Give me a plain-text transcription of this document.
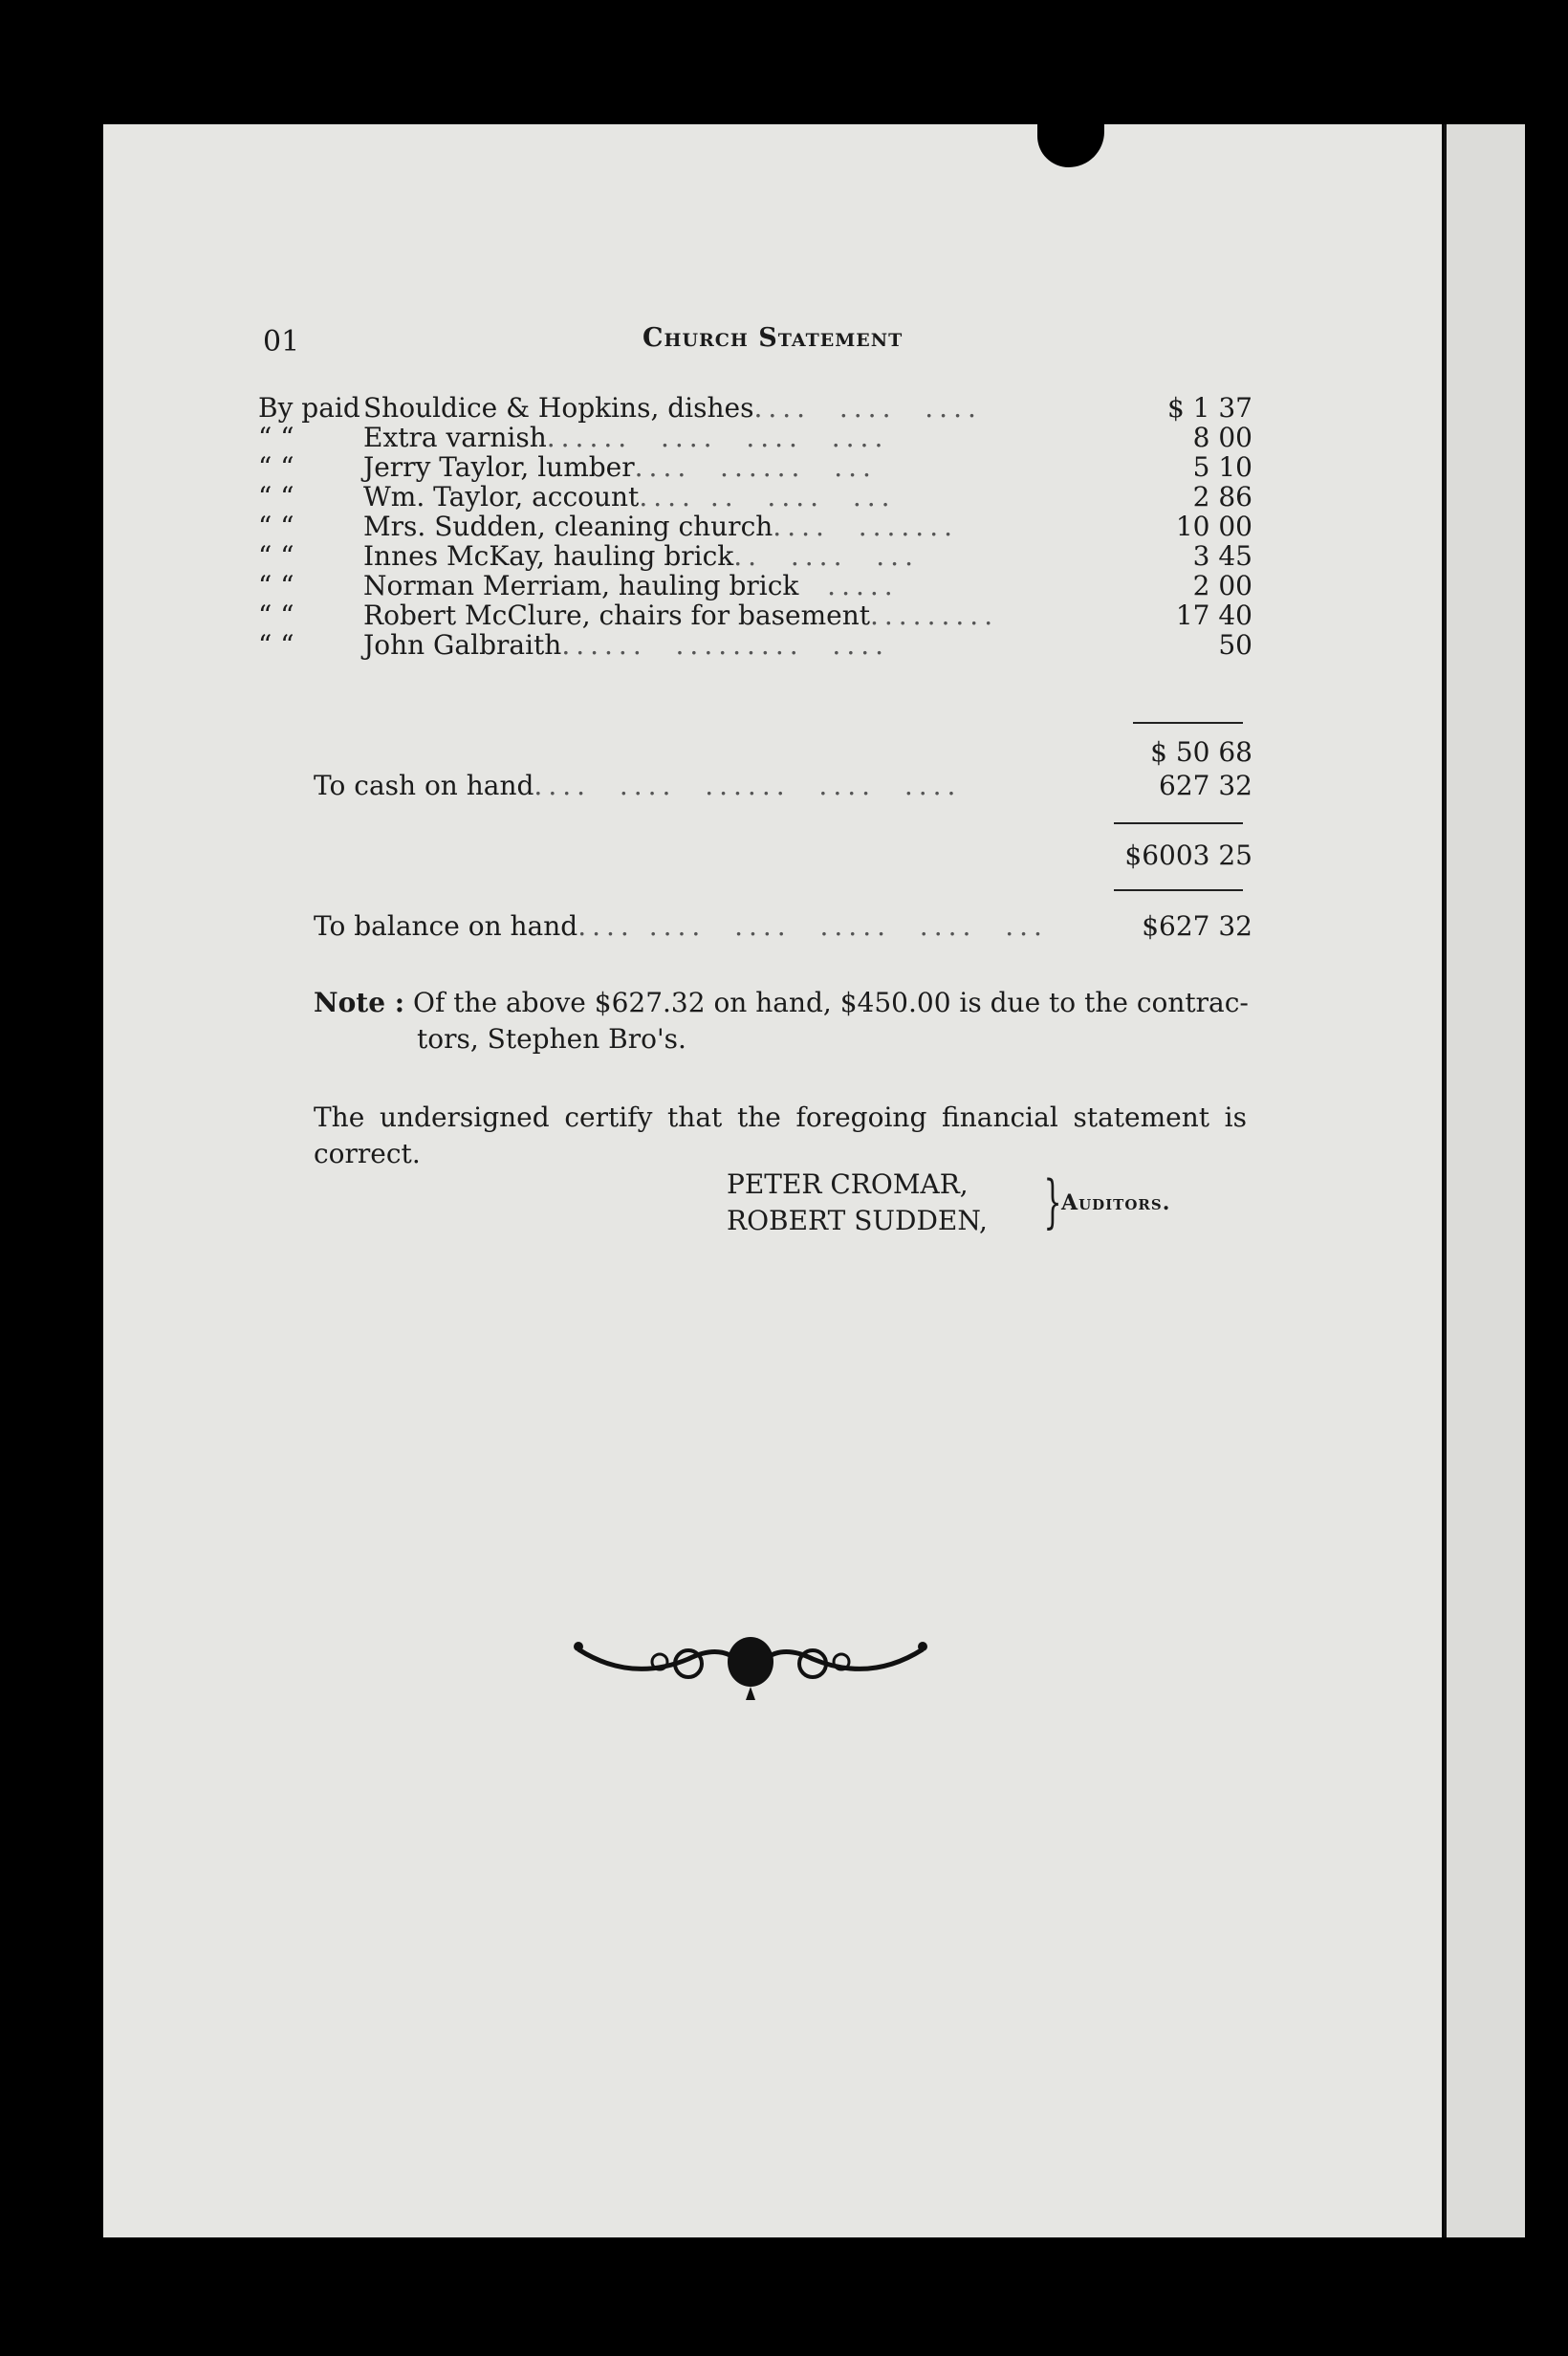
01	Church Statement
By paid Shouldice & Hopkins, dishes....  ....  ....	$ 1 37
“ “	Extra varnish......  ....  ....  ....	8 00
“ “	Jerry Taylor, lumber....  ......  ...	5 10
“ “	Wm. Taylor, account.... ..  ....  ...	2 86
“ “	Mrs. Sudden, cleaning church....  .......	10 00
“ “	Innes McKay, hauling brick..  ....  ...	3 45
“ “	Norman Merriam, hauling brick  .....	2 00
“ “	Robert McClure, chairs for basement.........	17 40
“ “	John Galbraith......  .........  ....	50
$ 50 68
To cash on hand....  ....  ......  ....  ....	627 32
$6003 25
To balance on hand.... ....  ....  .....  ....  ...	$627 32
Note : Of the above $627.32 on hand, $450.00 is due to the contrac-
tors, Stephen Bro's.
The undersigned certify that the foregoing financial statement is correct.
PETER CROMAR,
ROBERT SUDDEN, } Auditors.
